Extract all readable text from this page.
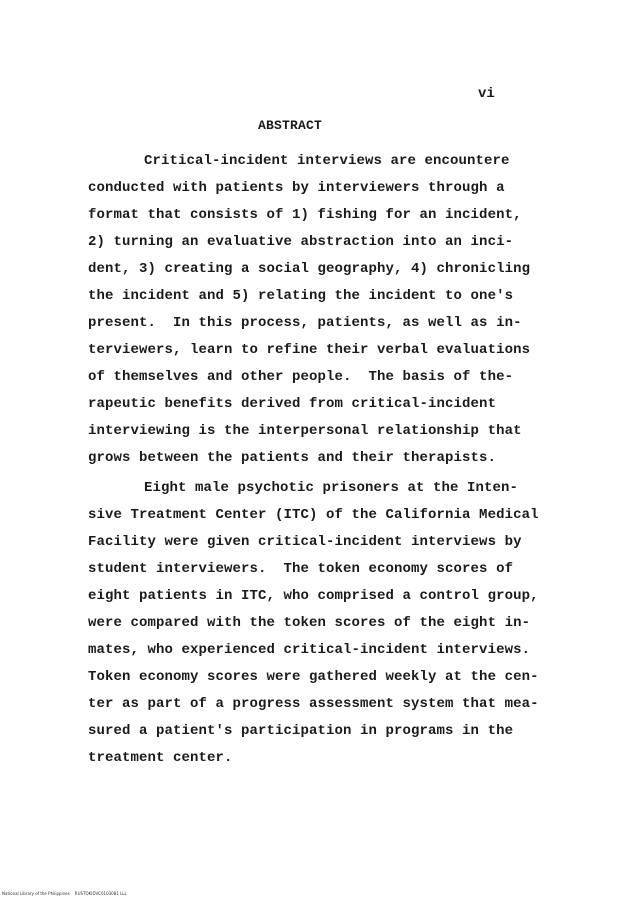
vi
ABSTRACT
Critical-incident interviews are encountere
conducted with patients by interviewers through a
format that consists of 1) fishing for an incident,
2) turning an evaluative abstraction into an inci-
dent, 3) creating a social geography, 4) chronicling
the incident and 5) relating the incident to one's
present.  In this process, patients, as well as in-
terviewers, learn to refine their verbal evaluations
of themselves and other people.  The basis of the-
rapeutic benefits derived from critical-incident
interviewing is the interpersonal relationship that
grows between the patients and their therapists.
Eight male psychotic prisoners at the Inten-
sive Treatment Center (ITC) of the California Medical
Facility were given critical-incident interviews by
student interviewers.  The token economy scores of
eight patients in ITC, who comprised a control group,
were compared with the token scores of the eight in-
mates, who experienced critical-incident interviews.
Token economy scores were gathered weekly at the cen-
ter as part of a progress assessment system that mea-
sured a patient's participation in programs in the
treatment center.
National Library of the Philippines    RUSTOKIDVC0103081 LLL
